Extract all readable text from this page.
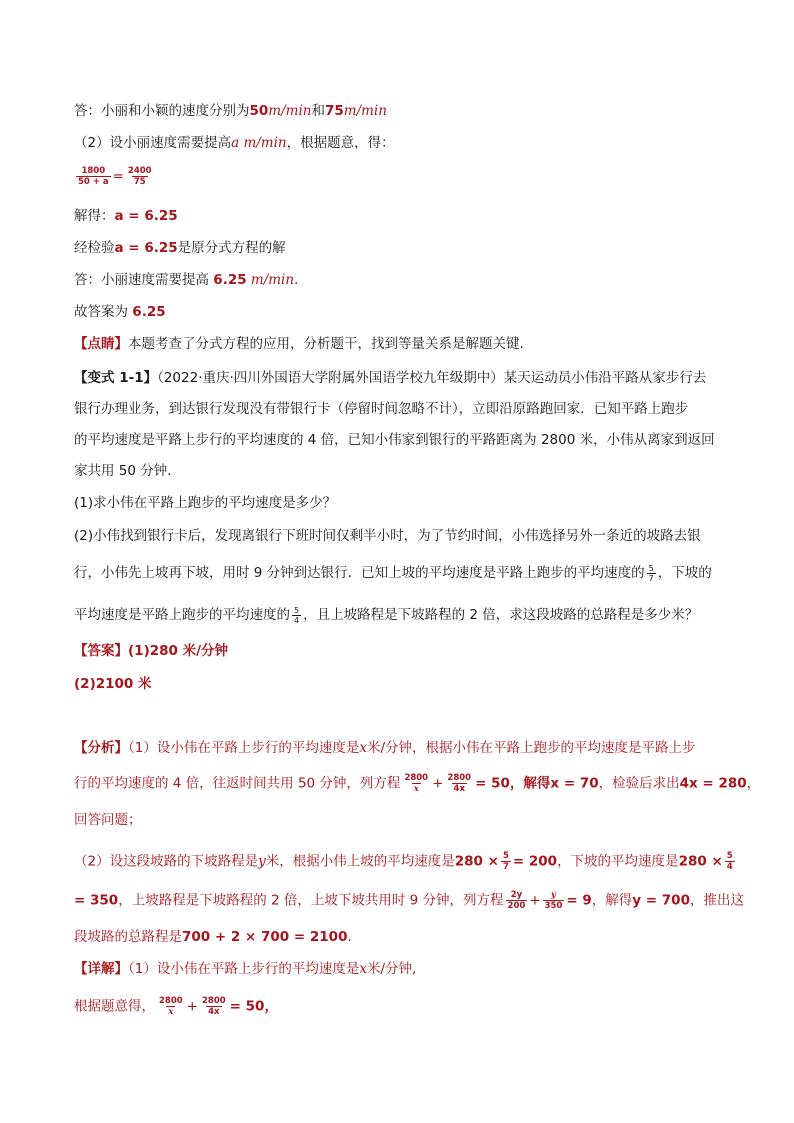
答：小丽和小颖的速度分别为50m/min和75m/min
（2）设小丽速度需要提高a m/min，根据题意，得：
$\frac{1800}{50 + a} = \frac{2400}{75}$
解得：a = 6.25
经检验a = 6.25是原分式方程的解
答：小丽速度需要提高 6.25 m/min.
故答案为 6.25
【点睛】本题考查了分式方程的应用，分析题干，找到等量关系是解题关键.
【变式 1-1】（2022·重庆·四川外国语大学附属外国语学校九年级期中）某天运动员小伟沿平路从家步行去
银行办理业务，到达银行发现没有带银行卡（停留时间忽略不计），立即沿原路跑回家．已知平路上跑步
的平均速度是平路上步行的平均速度的 4 倍，已知小伟家到银行的平路距离为 2800 米，小伟从离家到返回
家共用 50 分钟．
(1)求小伟在平路上跑步的平均速度是多少？
(2)小伟找到银行卡后，发现离银行下班时间仅剩半小时，为了节约时间，小伟选择另外一条近的坡路去银
行，小伟先上坡再下坡，用时 9 分钟到达银行．已知上坡的平均速度是平路上跑步的平均速度的 $\frac{5}{7}$ ，下坡的
平均速度是平路上跑步的平均速度的 $\frac{5}{4}$ ，且上坡路程是下坡路程的 2 倍，求这段坡路的总路程是多少米？
【答案】(1)280 米/分钟
(2)2100 米
【分析】（1）设小伟在平路上步行的平均速度是x米/分钟，根据小伟在平路上跑步的平均速度是平路上步
行的平均速度的 4 倍，往返时间共用 50 分钟，列方程 $\frac{2800}{x} + \frac{2800}{4x} = 50$，解得x = 70，检验后求出4x = 280，
回答问题；
（2）设这段坡路的下坡路程是y米，根据小伟上坡的平均速度是$280 \times \frac{5}{7} = 200$，下坡的平均速度是$280 \times \frac{5}{4}$
= 350，上坡路程是下坡路程的 2 倍，上坡下坡共用时 9 分钟，列方程 $\frac{2y}{200} + \frac{y}{350} = 9$，解得y = 700，推出这
段坡路的总路程是700 + 2 × 700 = 2100.
【详解】（1）设小伟在平路上步行的平均速度是x米/分钟,
根据题意得， $\frac{2800}{x} + \frac{2800}{4x} = 50$，
